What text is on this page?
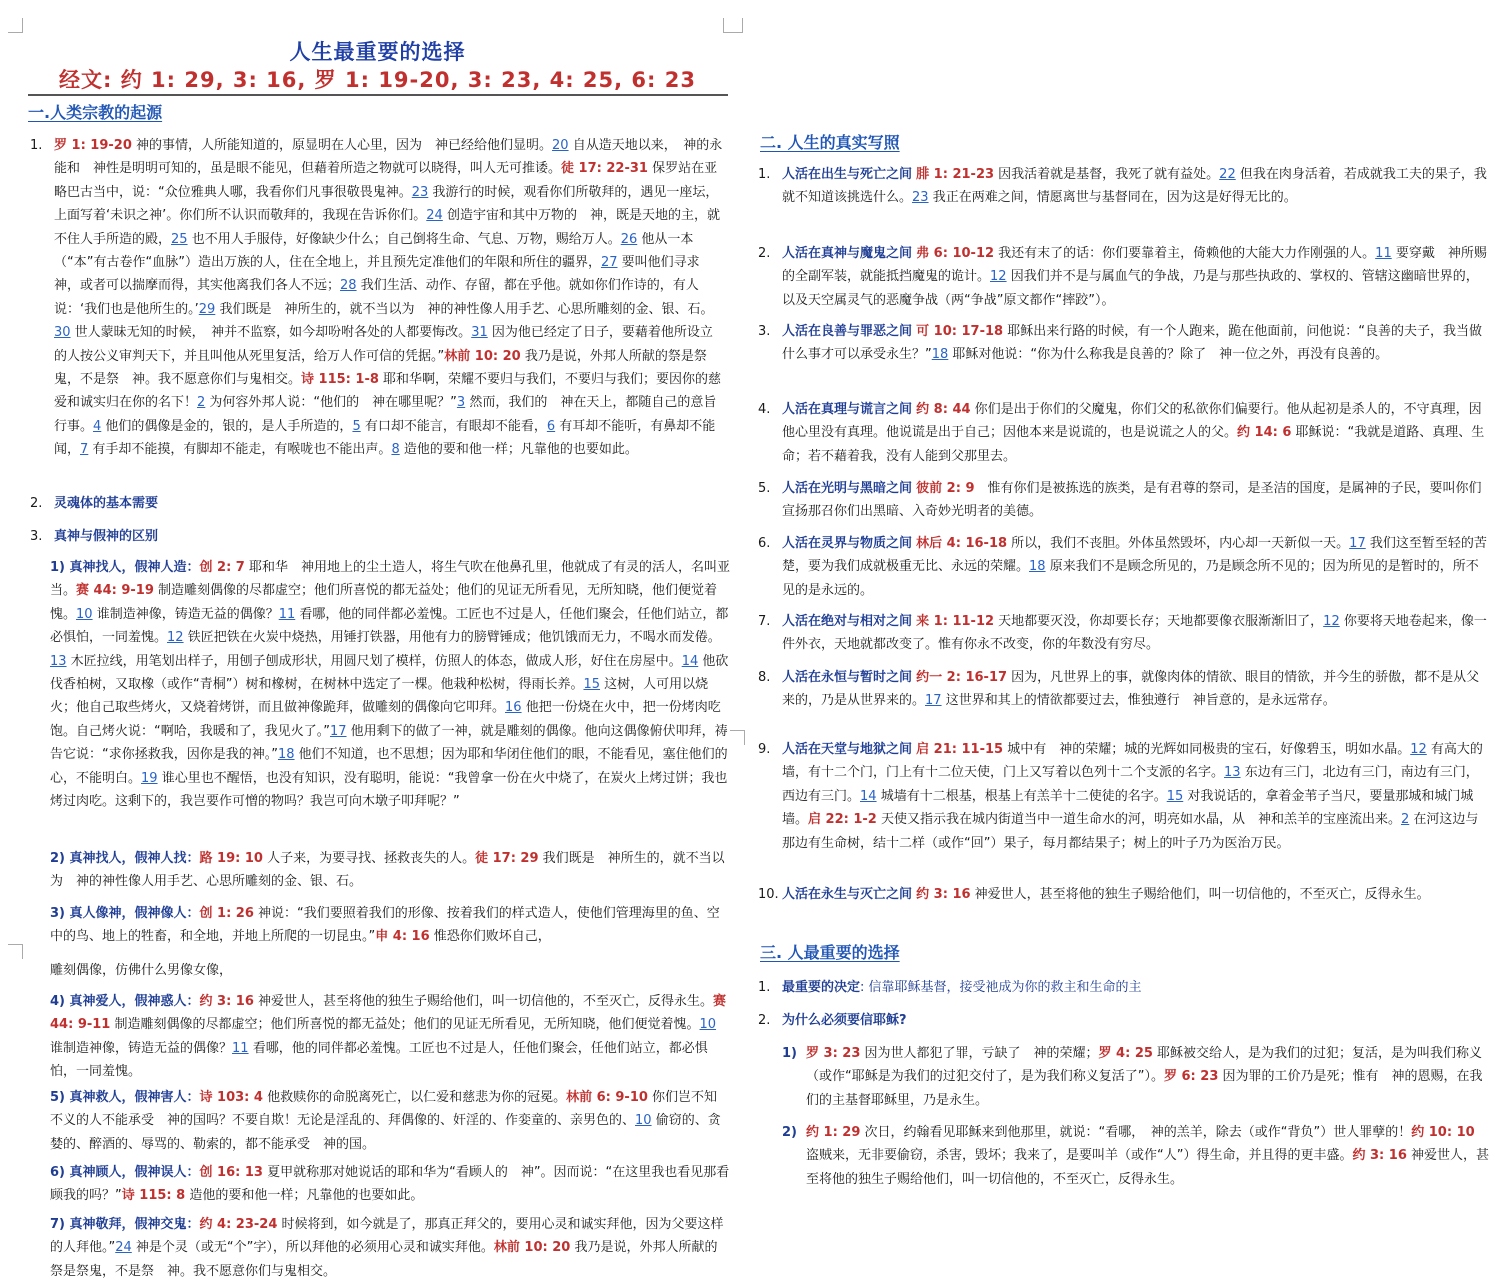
人生最重要的选择
经文: 约 1: 29, 3: 16, 罗 1: 19-20, 3: 23, 4: 25, 6: 23
一.人类宗教的起源
1. 罗 1: 19-20 神的事情，人所能知道的，原显明在人心里，因为　神已经给他们显明。20 自从造天地以来，　神的永能和　神性是明明可知的，虽是眼不能见，但藉着所造之物就可以晓得，叫人无可推诿。徒 17: 22-31 保罗站在亚略巴古当中，说：“众位雅典人哪，我看你们凡事很敬畏鬼神。23 我游行的时候，观看你们所敬拜的，遇见一座坛，上面写着‘未识之神’。你们所不认识而敬拜的，我现在告诉你们。24 创造宇宙和其中万物的　神，既是天地的主，就不住人手所造的殿，25 也不用人手服侍，好像缺少什么；自己倒将生命、气息、万物，赐给万人。26 他从一本（“本”有古卷作“血脉”）造出万族的人，住在全地上，并且预先定准他们的年限和所住的疆界，27 要叫他们寻求　神，或者可以揣摩而得，其实他离我们各人不远；28 我们生活、动作、存留，都在乎他。就如你们作诗的，有人说：‘我们也是他所生的。’29 我们既是　神所生的，就不当以为　神的神性像人用手艺、心思所雕刻的金、银、石。30 世人蒙昧无知的时候，　神并不监察，如今却吩咐各处的人都要悔改。31 因为他已经定了日子，要藉着他所设立的人按公义审判天下，并且叫他从死里复活，给万人作可信的凭据。”林前 10: 20 我乃是说，外邦人所献的祭是祭鬼，不是祭　神。我不愿意你们与鬼相交。诗 115: 1-8 耶和华啊，荣耀不要归与我们，不要归与我们；要因你的慈爱和诚实归在你的名下！2 为何容外邦人说：“他们的　神在哪里呢？”3 然而，我们的　神在天上，都随自己的意旨行事。4 他们的偶像是金的，银的，是人手所造的，5 有口却不能言，有眼却不能看，6 有耳却不能听，有鼻却不能闻，7 有手却不能摸，有脚却不能走，有喉咙也不能出声。8 造他的要和他一样；凡靠他的也要如此。
2. 灵魂体的基本需要
3. 真神与假神的区别
1) 真神找人，假神人造：创 2: 7 耶和华　神用地上的尘土造人，将生气吹在他鼻孔里，他就成了有灵的活人，名叫亚当。赛 44: 9-19 制造雕刻偶像的尽都虚空；他们所喜悦的都无益处；他们的见证无所看见，无所知晓，他们便觉着愧。10 谁制造神像，铸造无益的偶像？11 看哪，他的同伴都必羞愧。工匠也不过是人，任他们聚会，任他们站立，都必惧怕，一同羞愧。12 铁匠把铁在火炭中烧热，用锤打铁器，用他有力的膀臂锤成；他饥饿而无力，不喝水而发倦。13 木匠拉线，用笔划出样子，用刨子刨成形状，用圆尺划了模样，仿照人的体态，做成人形，好住在房屋中。14 他砍伐香柏树，又取橡（或作“青桐”）树和橡树，在树林中选定了一棵。他栽种松树，得雨长养。15 这树，人可用以烧火；他自己取些烤火，又烧着烤饼，而且做神像跪拜，做雕刻的偶像向它叩拜。16 他把一份烧在火中，把一份烤肉吃饱。自己烤火说：“啊哈，我暖和了，我见火了。”17 他用剩下的做了一神，就是雕刻的偶像。他向这偶像俯伏叩拜，祷告它说：“求你拯救我，因你是我的神。”18 他们不知道，也不思想；因为耶和华闭住他们的眼，不能看见，塞住他们的心，不能明白。19 谁心里也不醒悟，也没有知识，没有聪明，能说：“我曾拿一份在火中烧了，在炭火上烤过饼；我也烤过肉吃。这剩下的，我岂要作可憎的物吗？我岂可向木墩子叩拜呢？”
2) 真神找人，假神人找：路 19: 10 人子来，为要寻找、拯救丧失的人。徒 17: 29 我们既是　神所生的，就不当以为　神的神性像人用手艺、心思所雕刻的金、银、石。
3) 真人像神，假神像人：创 1: 26 神说：“我们要照着我们的形像、按着我们的样式造人，使他们管理海里的鱼、空中的鸟、地上的牲畜，和全地，并地上所爬的一切昆虫。”申 4: 16 惟恐你们败坏自己，
雕刻偶像，仿佛什么男像女像，
4) 真神爱人，假神惑人：约 3: 16 神爱世人，甚至将他的独生子赐给他们，叫一切信他的，不至灭亡，反得永生。赛 44: 9-11 制造雕刻偶像的尽都虚空；他们所喜悦的都无益处；他们的见证无所看见，无所知晓，他们便觉着愧。10 谁制造神像，铸造无益的偶像？11 看哪，他的同伴都必羞愧。工匠也不过是人，任他们聚会，任他们站立，都必惧怕，一同羞愧。
5) 真神救人，假神害人：诗 103: 4 他救赎你的命脱离死亡，以仁爱和慈悲为你的冠冕。林前 6: 9-10 你们岂不知不义的人不能承受　神的国吗？不要自欺！无论是淫乱的、拜偶像的、奸淫的、作娈童的、亲男色的、10 偷窃的、贪婪的、醉酒的、辱骂的、勒索的，都不能承受　神的国。
6) 真神顾人，假神误人：创 16: 13 夏甲就称那对她说话的耶和华为“看顾人的　神”。因而说：“在这里我也看见那看顾我的吗？”诗 115: 8 造他的要和他一样；凡靠他的也要如此。
7) 真神敬拜，假神交鬼：约 4: 23-24 时候将到，如今就是了，那真正拜父的，要用心灵和诚实拜他，因为父要这样的人拜他。”24 神是个灵（或无“个”字），所以拜他的必须用心灵和诚实拜他。林前 10: 20 我乃是说，外邦人所献的祭是祭鬼，不是祭　神。我不愿意你们与鬼相交。
二. 人生的真实写照
1. 人活在出生与死亡之间 腓 1: 21-23 因我活着就是基督，我死了就有益处。22 但我在肉身活着，若成就我工夫的果子，我就不知道该挑选什么。23 我正在两难之间，情愿离世与基督同在，因为这是好得无比的。
2. 人活在真神与魔鬼之间 弗 6: 10-12 我还有末了的话：你们要靠着主，倚赖他的大能大力作刚强的人。11 要穿戴　神所赐的全副军装，就能抵挡魔鬼的诡计。12 因我们并不是与属血气的争战，乃是与那些执政的、掌权的、管辖这幽暗世界的，以及天空属灵气的恶魔争战（两“争战”原文都作“摔跤”）。
3. 人活在良善与罪恶之间 可 10: 17-18 耶稣出来行路的时候，有一个人跑来，跪在他面前，问他说：“良善的夫子，我当做什么事才可以承受永生？”18 耶稣对他说：“你为什么称我是良善的？除了　神一位之外，再没有良善的。
4. 人活在真理与谎言之间 约 8: 44 你们是出于你们的父魔鬼，你们父的私欲你们偏要行。他从起初是杀人的，不守真理，因他心里没有真理。他说谎是出于自己；因他本来是说谎的，也是说谎之人的父。约 14: 6 耶稣说：“我就是道路、真理、生命；若不藉着我，没有人能到父那里去。
5. 人活在光明与黑暗之间 彼前 2: 9　惟有你们是被拣选的族类，是有君尊的祭司，是圣洁的国度，是属神的子民，要叫你们宣扬那召你们出黑暗、入奇妙光明者的美德。
6. 人活在灵界与物质之间 林后 4: 16-18 所以，我们不丧胆。外体虽然毁坏，内心却一天新似一天。17 我们这至暂至轻的苦楚，要为我们成就极重无比、永远的荣耀。18 原来我们不是顾念所见的，乃是顾念所不见的；因为所见的是暂时的，所不见的是永远的。
7. 人活在绝对与相对之间 来 1: 11-12 天地都要灭没，你却要长存；天地都要像衣服渐渐旧了，12 你要将天地卷起来，像一件外衣，天地就都改变了。惟有你永不改变，你的年数没有穷尽。
8. 人活在永恒与暂时之间 约一 2: 16-17 因为，凡世界上的事，就像肉体的情欲、眼目的情欲，并今生的骄傲，都不是从父来的，乃是从世界来的。17 这世界和其上的情欲都要过去，惟独遵行　神旨意的，是永远常存。
9. 人活在天堂与地狱之间 启 21: 11-15 城中有　神的荣耀；城的光辉如同极贵的宝石，好像碧玉，明如水晶。12 有高大的墙，有十二个门，门上有十二位天使，门上又写着以色列十二个支派的名字。13 东边有三门，北边有三门，南边有三门，西边有三门。14 城墙有十二根基，根基上有羔羊十二使徒的名字。15 对我说话的，拿着金苇子当尺，要量那城和城门城墙。启 22: 1-2 天使又指示我在城内街道当中一道生命水的河，明亮如水晶，从　神和羔羊的宝座流出来。2 在河这边与那边有生命树，结十二样（或作“回”）果子，每月都结果子；树上的叶子乃为医治万民。
10. 人活在永生与灭亡之间 约 3: 16 神爱世人，甚至将他的独生子赐给他们，叫一切信他的，不至灭亡，反得永生。
三. 人最重要的选择
1. 最重要的决定: 信靠耶稣基督，接受祂成为你的救主和生命的主
2. 为什么必须要信耶稣?
1) 罗 3: 23 因为世人都犯了罪，亏缺了　神的荣耀；罗 4: 25 耶稣被交给人，是为我们的过犯；复活，是为叫我们称义（或作“耶稣是为我们的过犯交付了，是为我们称义复活了”）。罗 6: 23 因为罪的工价乃是死；惟有　神的恩赐，在我们的主基督耶稣里，乃是永生。
2) 约 1: 29 次日，约翰看见耶稣来到他那里，就说：“看哪，　神的羔羊，除去（或作“背负”）世人罪孽的！约 10: 10 盗贼来，无非要偷窃，杀害，毁坏；我来了，是要叫羊（或作“人”）得生命，并且得的更丰盛。约 3: 16 神爱世人，甚至将他的独生子赐给他们，叫一切信他的，不至灭亡，反得永生。
